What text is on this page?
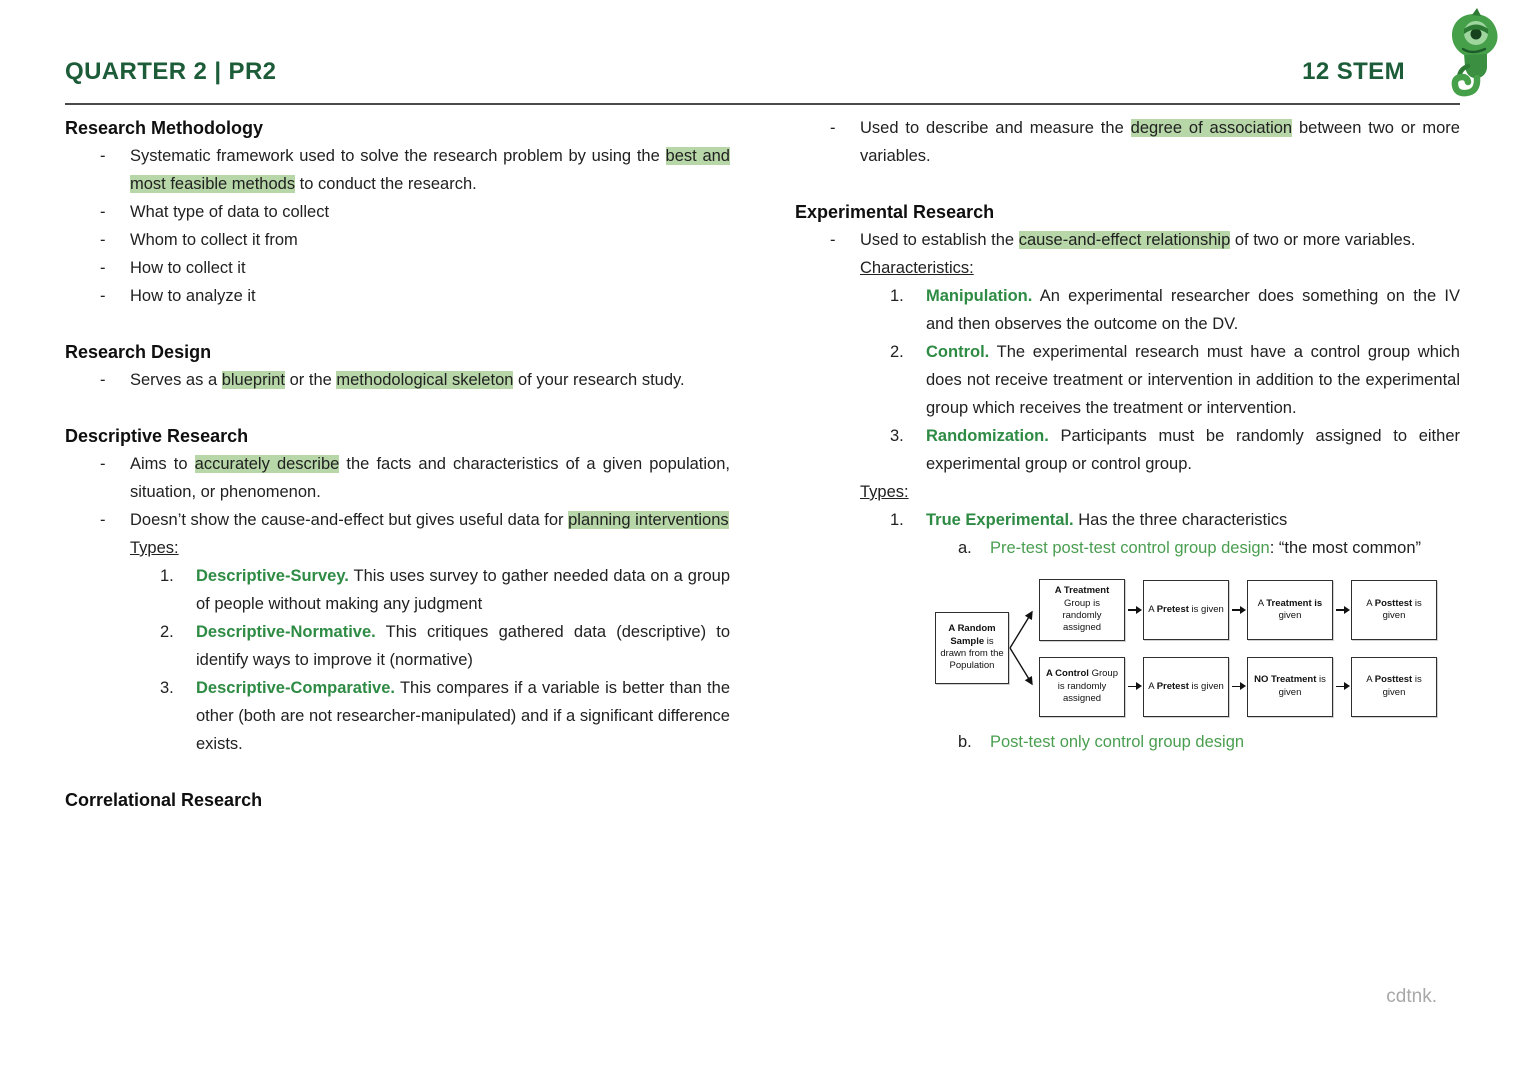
QUARTER 2 | PR2	12 STEM
Research Methodology
-	Systematic framework used to solve the research problem by using the best and most feasible methods to conduct the research.
-	What type of data to collect
-	Whom to collect it from
-	How to collect it
-	How to analyze it
Research Design
-	Serves as a blueprint or the methodological skeleton of your research study.
Descriptive Research
-	Aims to accurately describe the facts and characteristics of a given population, situation, or phenomenon.
-	Doesn’t show the cause-and-effect but gives useful data for planning interventions
Types:
1.	Descriptive-Survey. This uses survey to gather needed data on a group of people without making any judgment
2.	Descriptive-Normative. This critiques gathered data (descriptive) to identify ways to improve it (normative)
3.	Descriptive-Comparative. This compares if a variable is better than the other (both are not researcher-manipulated) and if a significant difference exists.
Correlational Research
-	Used to describe and measure the degree of association between two or more variables.
Experimental Research
-	Used to establish the cause-and-effect relationship of two or more variables.
Characteristics:
1.	Manipulation. An experimental researcher does something on the IV and then observes the outcome on the DV.
2.	Control. The experimental research must have a control group which does not receive treatment or intervention in addition to the experimental group which receives the treatment or intervention.
3.	Randomization. Participants must be randomly assigned to either experimental group or control group.
Types:
1.	True Experimental. Has the three characteristics
a.	Pre-test post-test control group design: “the most common”
A Random Sample is drawn from the Population
A Treatment Group is randomly assigned
A Pretest is given
A Treatment is given
A Posttest is given
A Control Group is randomly assigned
A Pretest is given
NO Treatment is given
A Posttest is given
b.	Post-test only control group design
cdtnk.
